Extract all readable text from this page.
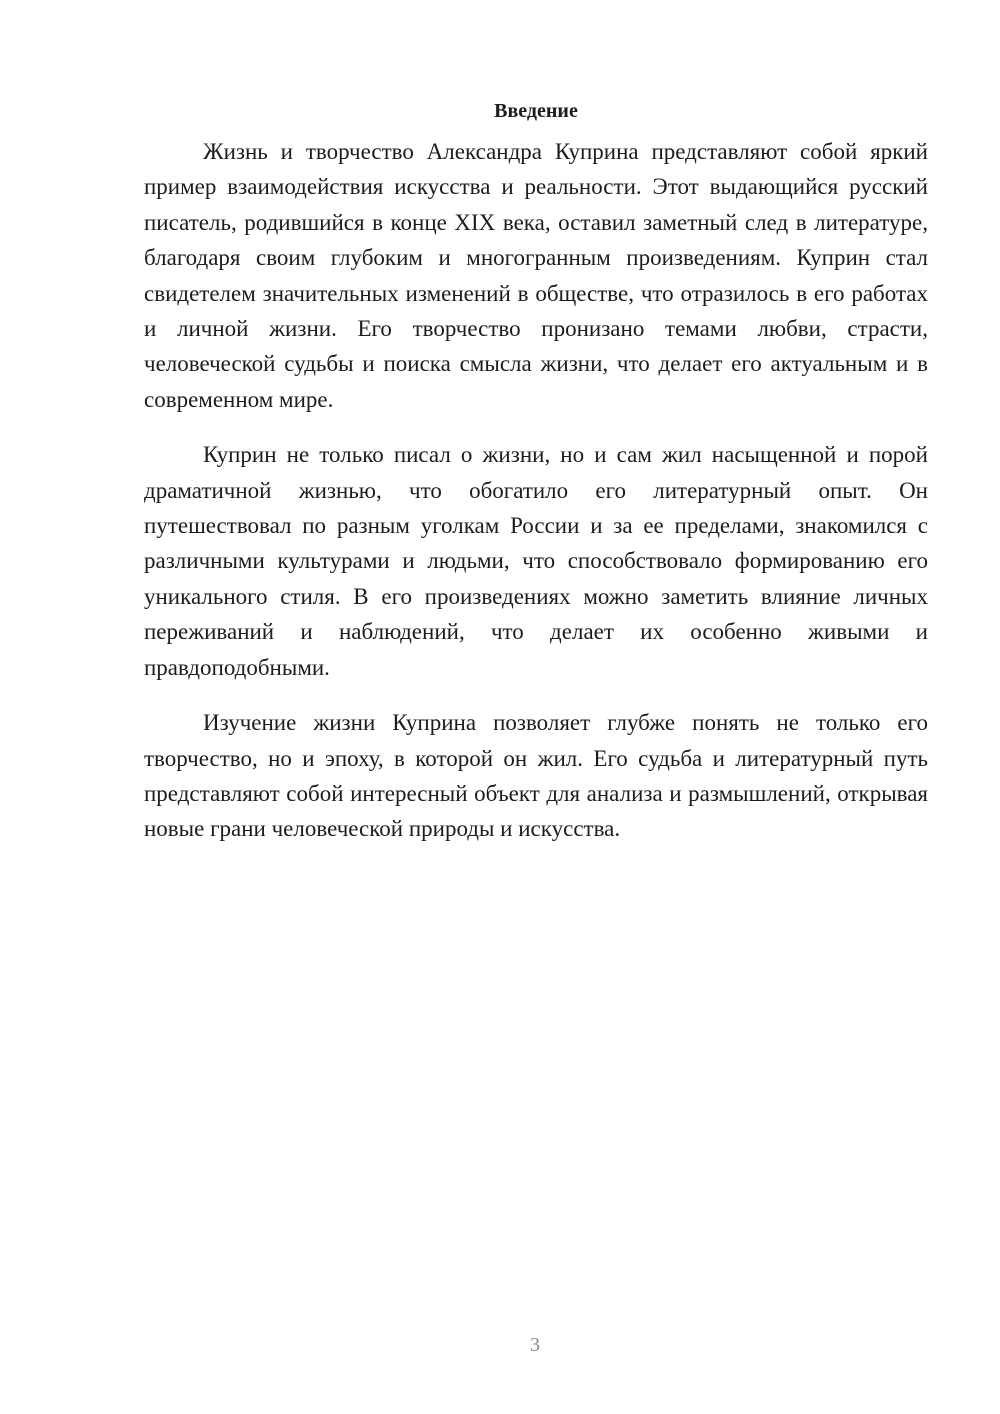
Введение

Жизнь и творчество Александра Куприна представляют собой яркий пример взаимодействия искусства и реальности. Этот выдающийся русский писатель, родившийся в конце XIX века, оставил заметный след в литературе, благодаря своим глубоким и многогранным произведениям. Куприн стал свидетелем значительных изменений в обществе, что отразилось в его работах и личной жизни. Его творчество пронизано темами любви, страсти, человеческой судьбы и поиска смысла жизни, что делает его актуальным и в современном мире.

Куприн не только писал о жизни, но и сам жил насыщенной и порой драматичной жизнью, что обогатило его литературный опыт. Он путешествовал по разным уголкам России и за ее пределами, знакомился с различными культурами и людьми, что способствовало формированию его уникального стиля. В его произведениях можно заметить влияние личных переживаний и наблюдений, что делает их особенно живыми и правдоподобными.

Изучение жизни Куприна позволяет глубже понять не только его творчество, но и эпоху, в которой он жил. Его судьба и литературный путь представляют собой интересный объект для анализа и размышлений, открывая новые грани человеческой природы и искусства.

3
